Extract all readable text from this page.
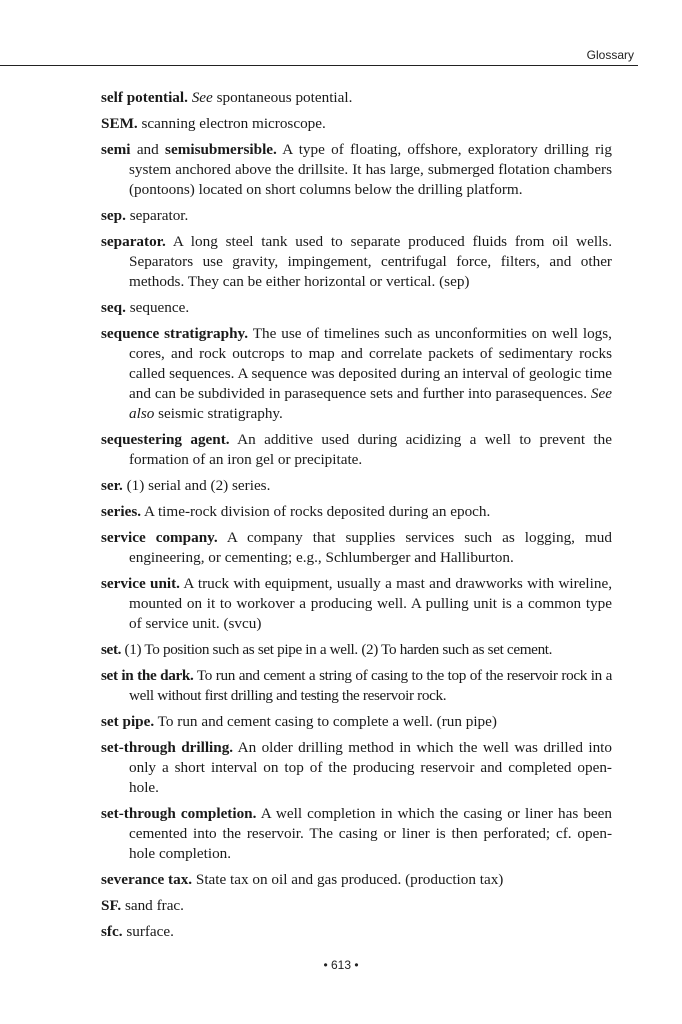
Glossary

self potential. See spontaneous potential.

SEM. scanning electron microscope.

semi and semisubmersible. A type of floating, offshore, exploratory drilling rig system anchored above the drillsite. It has large, submerged flotation chambers (pontoons) located on short columns below the drilling platform.

sep. separator.

separator. A long steel tank used to separate produced fluids from oil wells. Separators use gravity, impingement, centrifugal force, filters, and other methods. They can be either horizontal or vertical. (sep)

seq. sequence.

sequence stratigraphy. The use of timelines such as unconformities on well logs, cores, and rock outcrops to map and correlate packets of sedimentary rocks called sequences. A sequence was deposited during an interval of geologic time and can be subdivided in parasequence sets and further into parasequences. See also seismic stratigraphy.

sequestering agent. An additive used during acidizing a well to prevent the formation of an iron gel or precipitate.

ser. (1) serial and (2) series.

series. A time-rock division of rocks deposited during an epoch.

service company. A company that supplies services such as logging, mud engineering, or cementing; e.g., Schlumberger and Halliburton.

service unit. A truck with equipment, usually a mast and drawworks with wireline, mounted on it to workover a producing well. A pulling unit is a common type of service unit. (svcu)

set. (1) To position such as set pipe in a well. (2) To harden such as set cement.

set in the dark. To run and cement a string of casing to the top of the reservoir rock in a well without first drilling and testing the reservoir rock.

set pipe. To run and cement casing to complete a well. (run pipe)

set-through drilling. An older drilling method in which the well was drilled into only a short interval on top of the producing reservoir and completed open-hole.

set-through completion. A well completion in which the casing or liner has been cemented into the reservoir. The casing or liner is then perforated; cf. open-hole completion.

severance tax. State tax on oil and gas produced. (production tax)

SF. sand frac.

sfc. surface.

• 613 •
